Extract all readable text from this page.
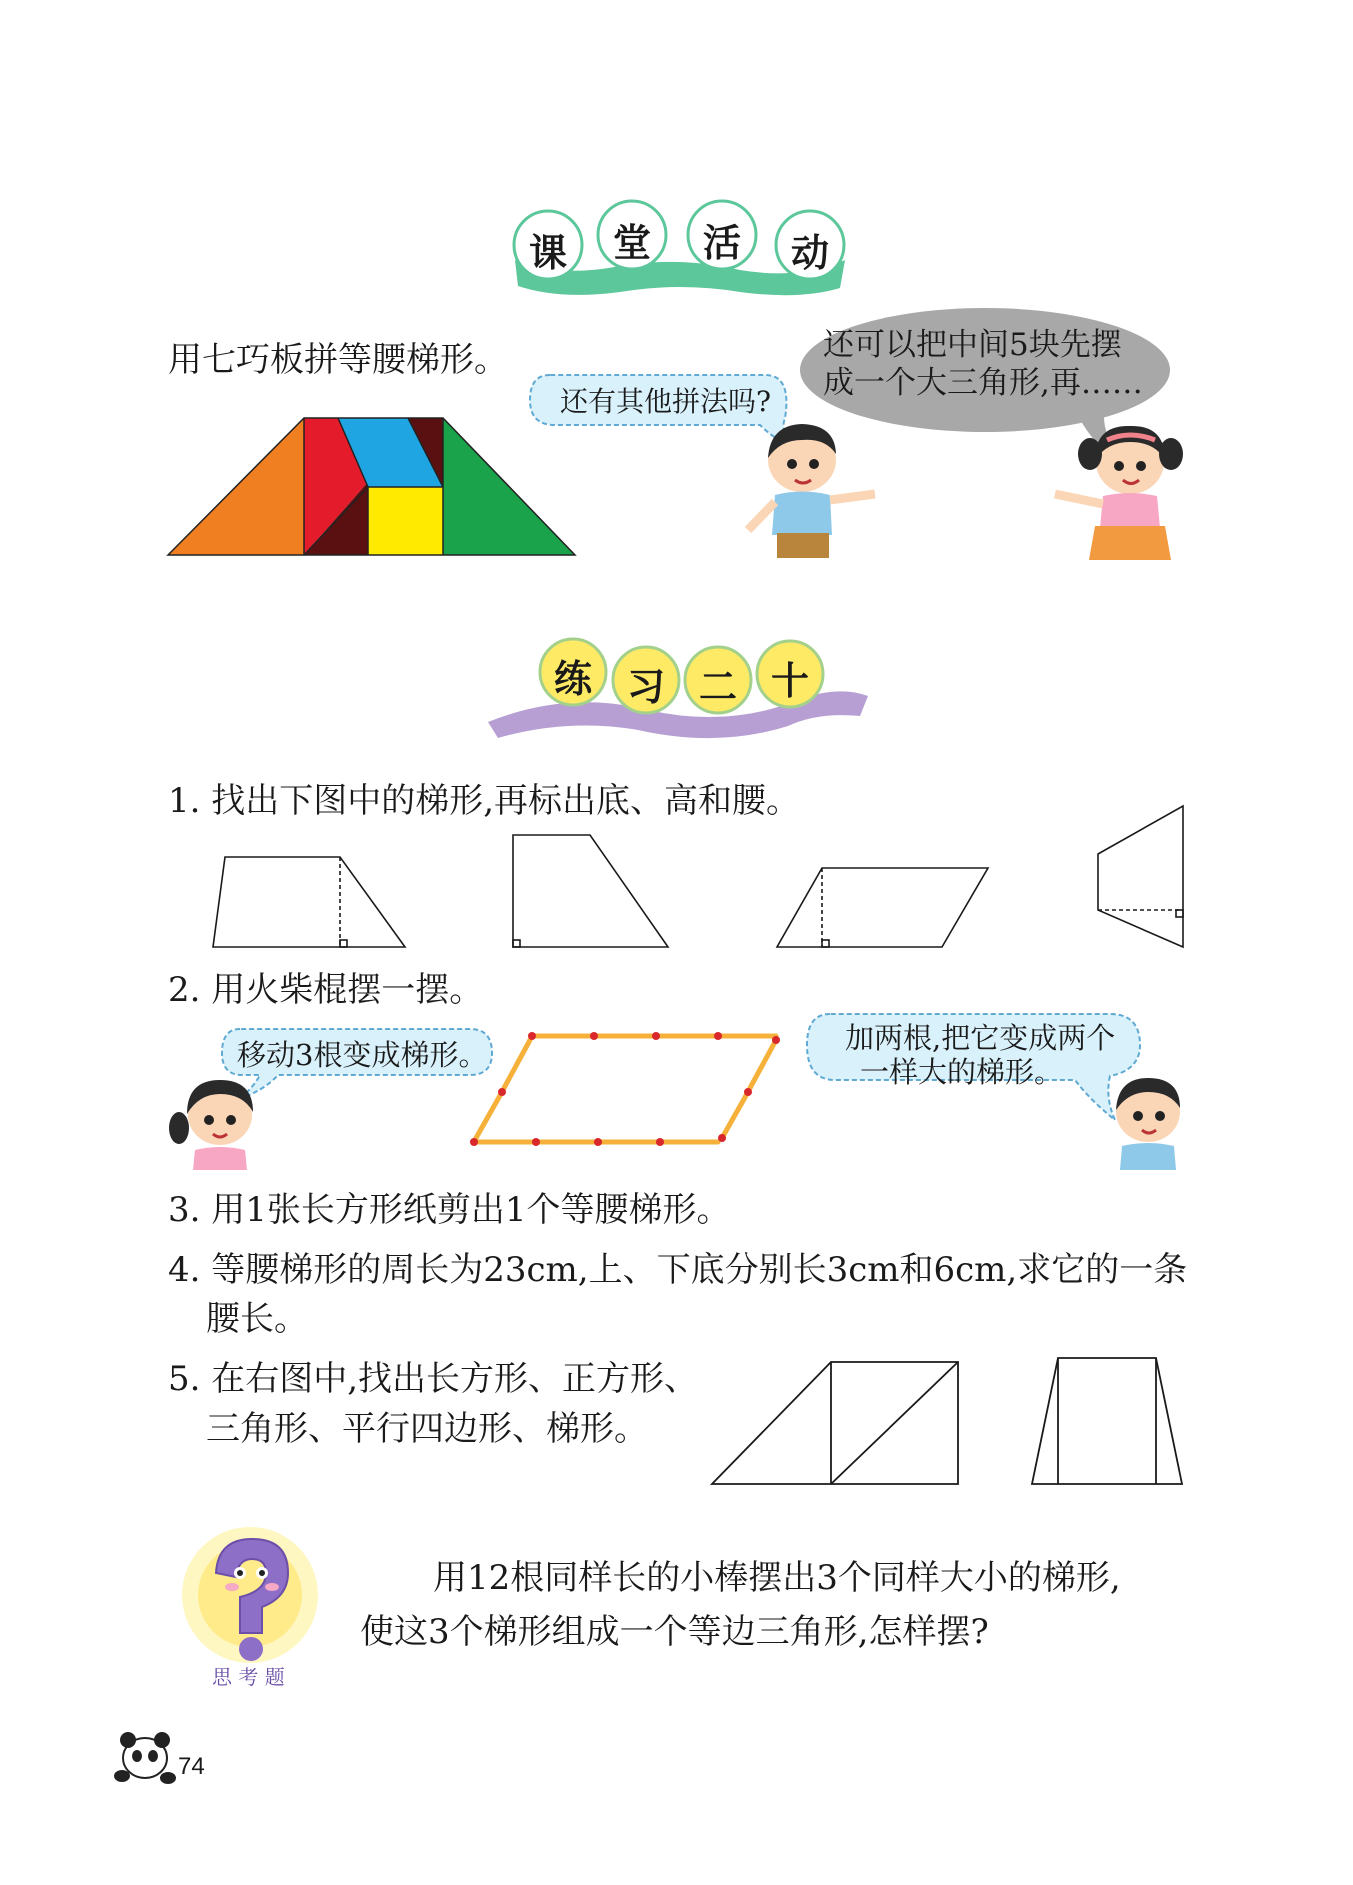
课 堂 活 动
用七巧板拼等腰梯形。
还有其他拼法吗?
还可以把中间5块先摆
成一个大三角形,再……
练 习 二 十
1. 找出下图中的梯形,再标出底、高和腰。
2. 用火柴棍摆一摆。
移动3根变成梯形。	加两根,把它变成两个
一样大的梯形。
3. 用1张长方形纸剪出1个等腰梯形。
4. 等腰梯形的周长为23cm,上、下底分别长3cm和6cm,求它的一条
腰长。
5. 在右图中,找出长方形、正方形、
三角形、平行四边形、梯形。
思 考 题
用12根同样长的小棒摆出3个同样大小的梯形,
使这3个梯形组成一个等边三角形,怎样摆?
74
